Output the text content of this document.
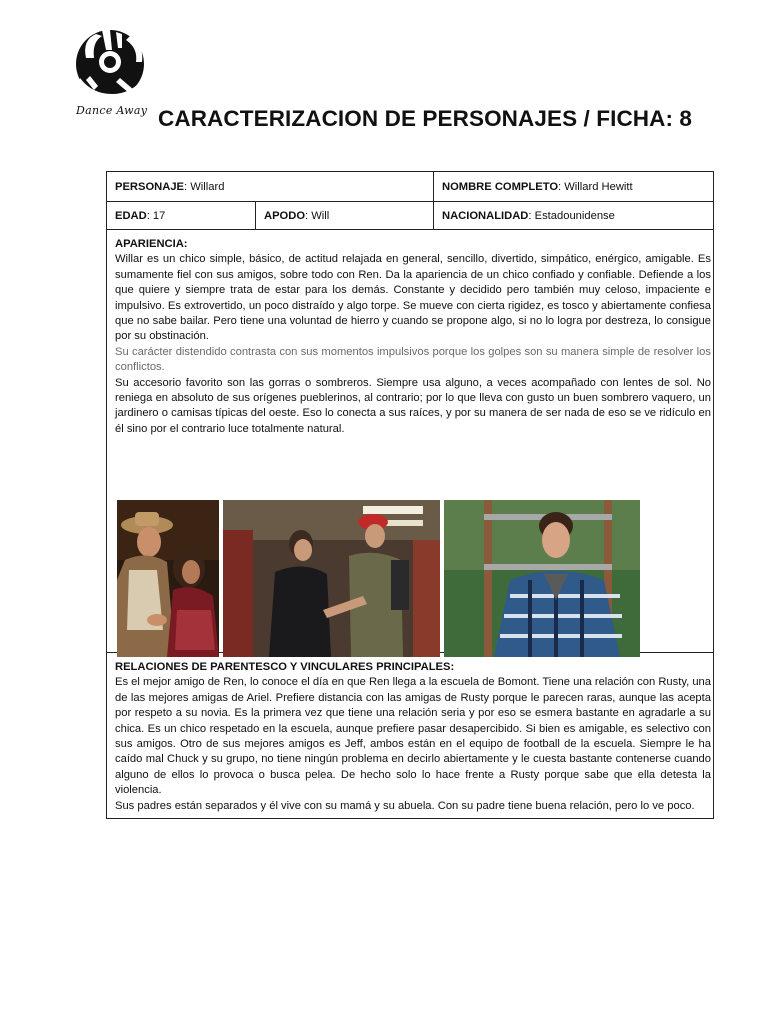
Dance Away CARACTERIZACION DE PERSONAJES / FICHA: 8
PERSONAJE: Willard	NOMBRE COMPLETO: Willard Hewitt
EDAD: 17	APODO: Will	NACIONALIDAD: Estadounidense
APARIENCIA:

Willar es un chico simple, básico, de actitud relajada en general, sencillo, divertido, simpático, enérgico, amigable. Es sumamente fiel con sus amigos, sobre todo con Ren. Da la apariencia de un chico confiado y confiable. Defiende a los que quiere y siempre trata de estar para los demás. Constante y decidido pero también muy celoso, impaciente e impulsivo. Es extrovertido, un poco distraído y algo torpe. Se mueve con cierta rigidez, es tosco y abiertamente confiesa que no sabe bailar. Pero tiene una voluntad de hierro y cuando se propone algo, si no lo logra por destreza, lo consigue por su obstinación.

Su carácter distendido contrasta con sus momentos impulsivos porque los golpes son su manera simple de resolver los conflictos.

Su accesorio favorito son las gorras o sombreros. Siempre usa alguno, a veces acompañado con lentes de sol. No reniega en absoluto de sus orígenes pueblerinos, al contrario; por lo que lleva con gusto un buen sombrero vaquero, un jardinero o camisas típicas del oeste. Eso lo conecta a sus raíces, y por su manera de ser nada de eso se ve ridículo en él sino por el contrario luce totalmente natural.

RELACIONES DE PARENTESCO Y VINCULARES PRINCIPALES:

Es el mejor amigo de Ren, lo conoce el día en que Ren llega a la escuela de Bomont. Tiene una relación con Rusty, una de las mejores amigas de Ariel. Prefiere distancia con las amigas de Rusty porque le parecen raras, aunque las acepta por respeto a su novia. Es la primera vez que tiene una relación seria y por eso se esmera bastante en agradarle a su chica. Es un chico respetado en la escuela, aunque prefiere pasar desapercibido. Si bien es amigable, es selectivo con sus amigos. Otro de sus mejores amigos es Jeff, ambos están en el equipo de football de la escuela. Siempre le ha caído mal Chuck y su grupo, no tiene ningún problema en decirlo abiertamente y le cuesta bastante contenerse cuando alguno de ellos lo provoca o busca pelea. De hecho solo lo hace frente a Rusty porque sabe que ella detesta la violencia.

Sus padres están separados y él vive con su mamá y su abuela. Con su padre tiene buena relación, pero lo ve poco.
